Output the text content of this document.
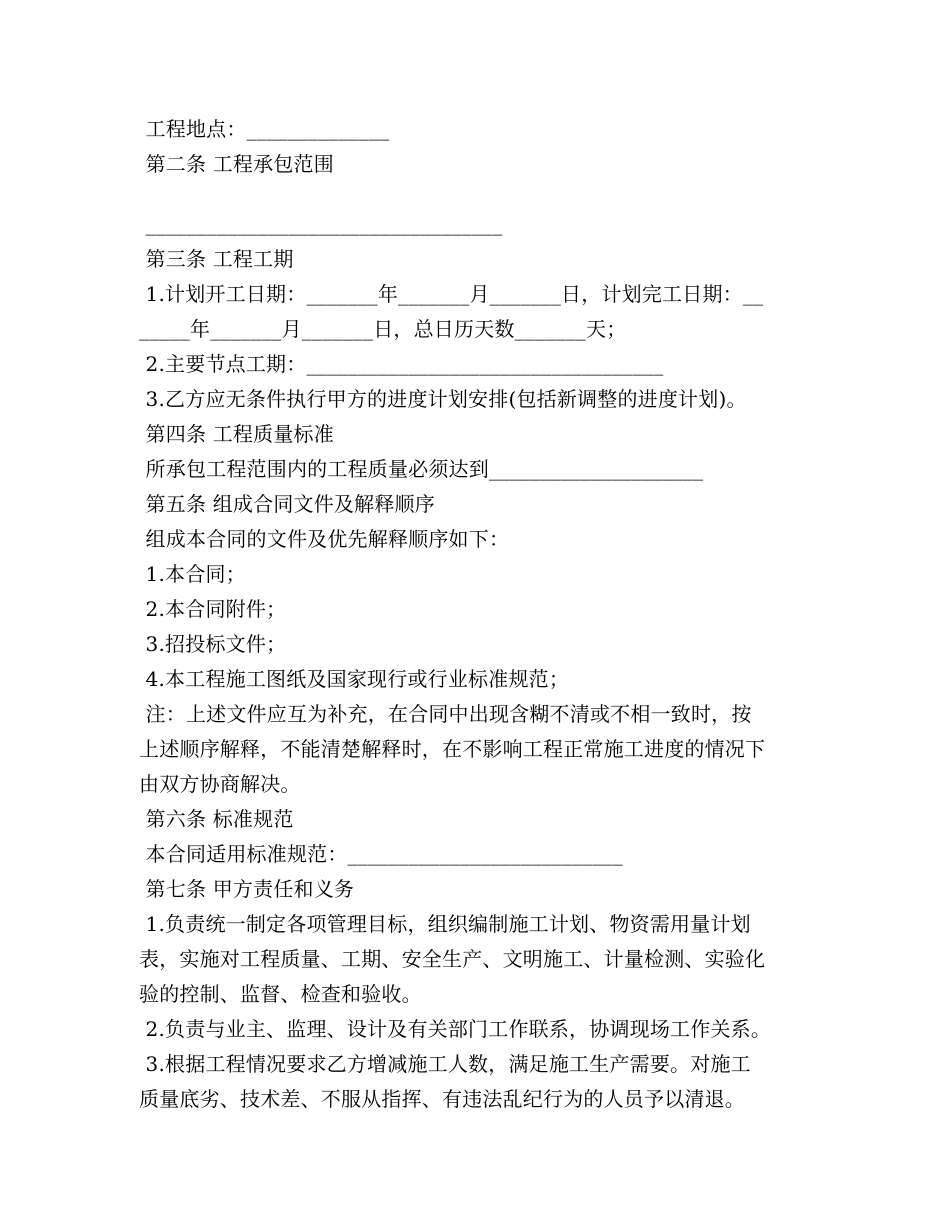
工程地点：______________
第二条 工程承包范围
___________________________________
第三条 工程工期
1.计划开工日期：_______年_______月_______日，计划完工日期：__
_____年_______月_______日，总日历天数_______天；
2.主要节点工期：___________________________________
3.乙方应无条件执行甲方的进度计划安排(包括新调整的进度计划)。
第四条 工程质量标准
所承包工程范围内的工程质量必须达到_____________________
第五条 组成合同文件及解释顺序
组成本合同的文件及优先解释顺序如下：
1.本合同；
2.本合同附件；
3.招投标文件；
4.本工程施工图纸及国家现行或行业标准规范；
注：上述文件应互为补充，在合同中出现含糊不清或不相一致时，按
上述顺序解释，不能清楚解释时，在不影响工程正常施工进度的情况下
由双方协商解决。
第六条 标准规范
本合同适用标准规范：___________________________
第七条 甲方责任和义务
1.负责统一制定各项管理目标，组织编制施工计划、物资需用量计划
表，实施对工程质量、工期、安全生产、文明施工、计量检测、实验化
验的控制、监督、检查和验收。
2.负责与业主、监理、设计及有关部门工作联系，协调现场工作关系。
3.根据工程情况要求乙方增减施工人数，满足施工生产需要。对施工
质量底劣、技术差、不服从指挥、有违法乱纪行为的人员予以清退。
